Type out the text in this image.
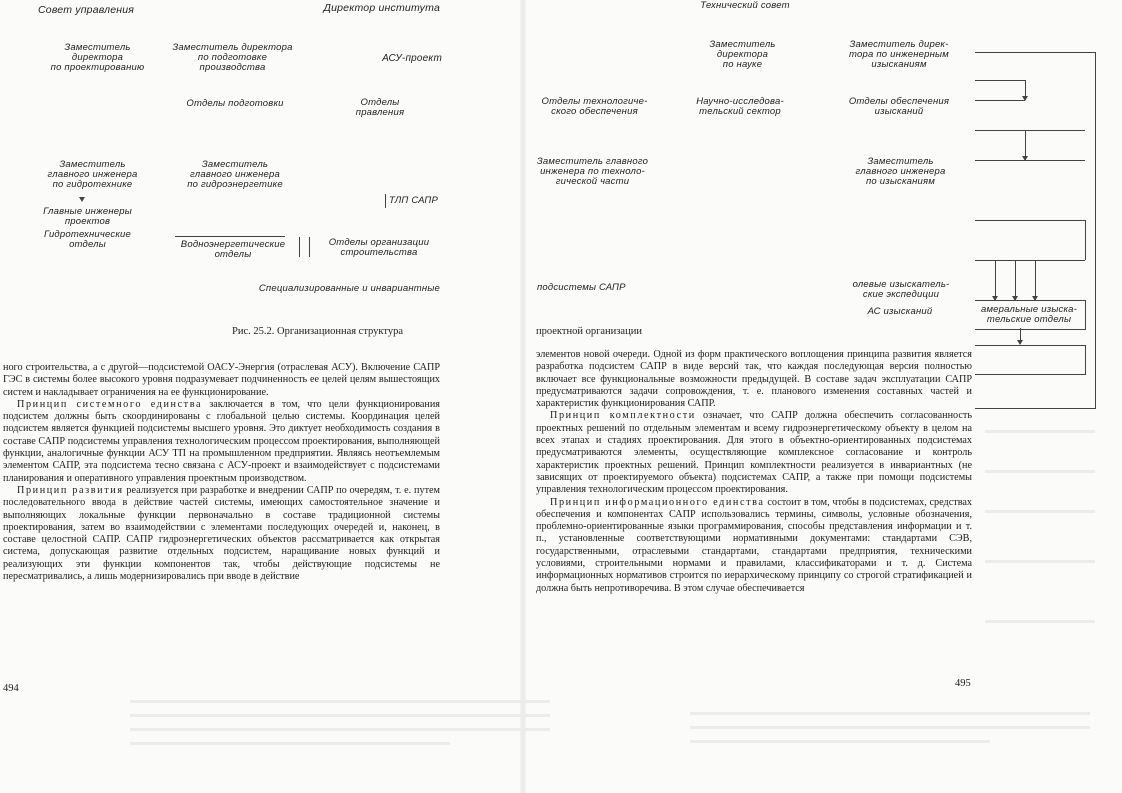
Совет управления	Директор института
Заместитель
директора
по проектированию
Заместитель директора
по подготовке
производства
АСУ-проект
Отделы подготовки	Отделы
правления
Заместитель
главного инженера
по гидротехнике
Заместитель
главного инженера
по гидроэнергетике
ТЛП САПР
Главные инженеры
проектов
Гидротехнические
отделы	Водноэнергетические
отделы
Отделы организации
строительства
Специализированные и инвариантные
Рис. 25.2. Организационная структура
Технический совет
Заместитель
директора
по науке
Заместитель дирек-
тора по инженерным
изысканиям
Отделы технологиче-
ского обеспечения
Научно-исследова-
тельский сектор
Отделы обеспечения
изысканий
Заместитель главного
инженера по техноло-
гической части
Заместитель
главного инженера
по изысканиям
подсистемы САПР	олевые изыскатель-
ские экспедиции
АС изысканий	амеральные изыска-
тельские отделы
проектной организации

ного строительства, а с другой—подсистемой ОАСУ-Энергия (отраслевая АСУ). Включение САПР ГЭС в системы более высокого уровня подразумевает подчиненность ее целей целям вышестоящих систем и накладывает ограничения на ее функционирование.

Принцип системного единства заключается в том, что цели функционирования подсистем должны быть скоординированы с глобальной целью системы. Координация целей подсистем является функцией подсистемы высшего уровня. Это диктует необходимость создания в составе САПР подсистемы управления технологическим процессом проектирования, выполняющей функции, аналогичные функции АСУ ТП на промышленном предприятии. Являясь неотъемлемым элементом САПР, эта подсистема тесно связана с АСУ-проект и взаимодействует с подсистемами планирования и оперативного управления проектным производством.

Принцип развития реализуется при разработке и внедрении САПР по очередям, т. е. путем последовательного ввода в действие частей системы, имеющих самостоятельное значение и выполняющих локальные функции первоначально в составе традиционной системы проектирования, затем во взаимодействии с элементами последующих очередей и, наконец, в составе целостной САПР. САПР гидроэнергетических объектов рассматривается как открытая система, допускающая развитие отдельных подсистем, наращивание новых функций и реализующих эти функции компонентов так, чтобы действующие подсистемы не пересматривались, а лишь модернизировались при вводе в действие

494

элементов новой очереди. Одной из форм практического воплощения принципа развития является разработка подсистем САПР в виде версий так, что каждая последующая версия полностью включает все функциональные возможности предыдущей. В составе задач эксплуатации САПР предусматриваются задачи сопровождения, т. е. планового изменения составных частей и характеристик функционирования САПР.

Принцип комплектности означает, что САПР должна обеспечить согласованность проектных решений по отдельным элементам и всему гидроэнергетическому объекту в целом на всех этапах и стадиях проектирования. Для этого в объектно-ориентированных подсистемах предусматриваются элементы, осуществляющие комплексное согласование и контроль характеристик проектных решений. Принцип комплектности реализуется в инвариантных (не зависящих от проектируемого объекта) подсистемах САПР, а также при помощи подсистемы управления технологическим процессом проектирования.

Принцип информационного единства состоит в том, чтобы в подсистемах, средствах обеспечения и компонентах САПР использовались термины, символы, условные обозначения, проблемно-ориентированные языки программирования, способы представления информации и т. п., установленные соответствующими нормативными документами: стандартами СЭВ, государственными, отраслевыми стандартами, стандартами предприятия, техническими условиями, строительными нормами и правилами, классификаторами и т. д. Система информационных нормативов строится по иерархическому принципу со строгой стратификацией и должна быть непротиворечива. В этом случае обеспечивается

495
